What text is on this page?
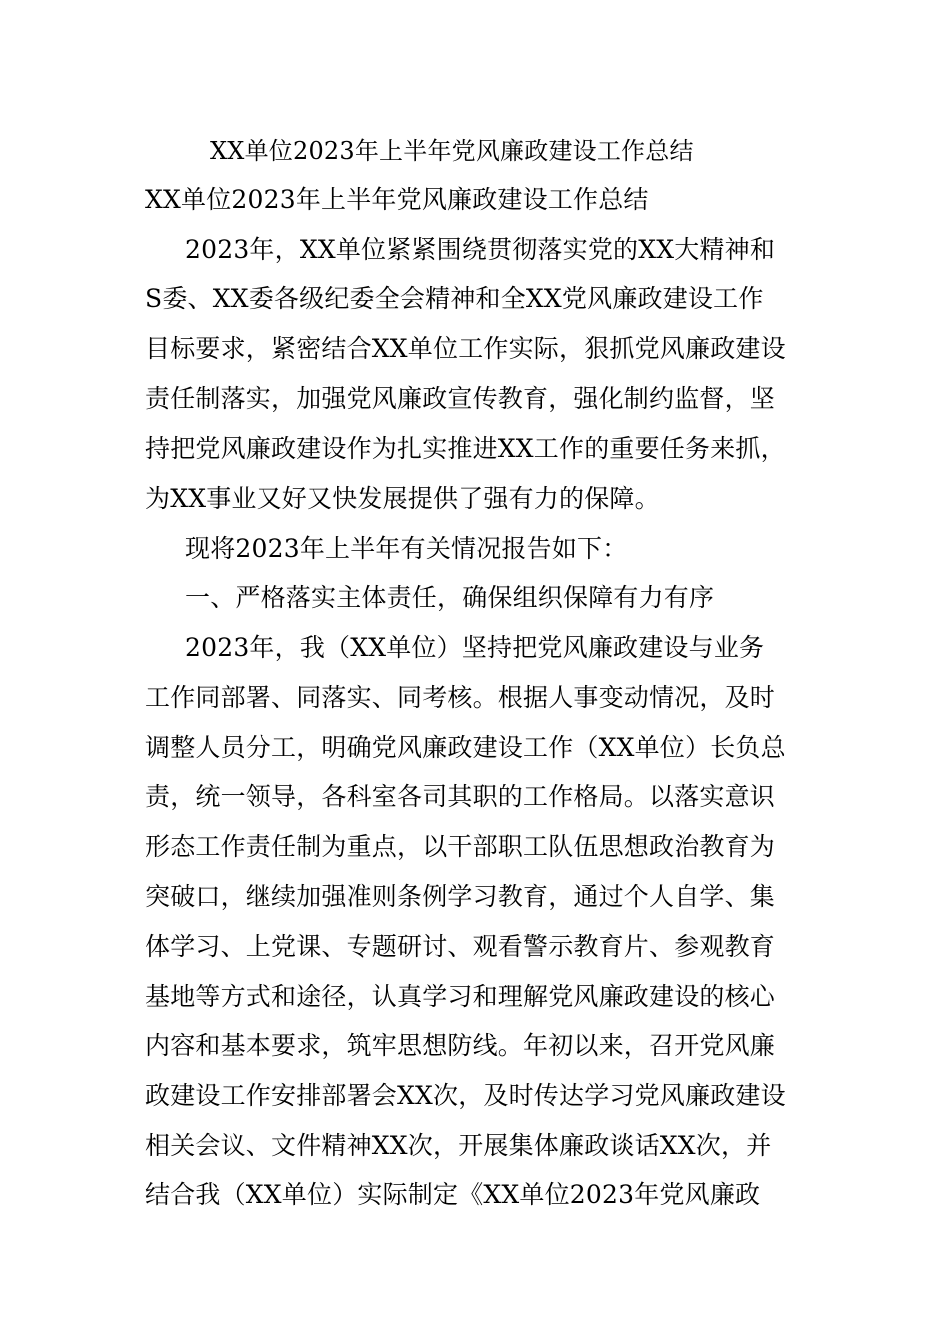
XX单位2023年上半年党风廉政建设工作总结
XX单位2023年上半年党风廉政建设工作总结
2023年，XX单位紧紧围绕贯彻落实党的XX大精神和
S委、XX委各级纪委全会精神和全XX党风廉政建设工作
目标要求，紧密结合XX单位工作实际，狠抓党风廉政建设
责任制落实，加强党风廉政宣传教育，强化制约监督，坚
持把党风廉政建设作为扎实推进XX工作的重要任务来抓，
为XX事业又好又快发展提供了强有力的保障。
现将2023年上半年有关情况报告如下：
一、严格落实主体责任，确保组织保障有力有序
2023年，我（XX单位）坚持把党风廉政建设与业务
工作同部署、同落实、同考核。根据人事变动情况，及时
调整人员分工，明确党风廉政建设工作（XX单位）长负总
责，统一领导，各科室各司其职的工作格局。以落实意识
形态工作责任制为重点，以干部职工队伍思想政治教育为
突破口，继续加强准则条例学习教育，通过个人自学、集
体学习、上党课、专题研讨、观看警示教育片、参观教育
基地等方式和途径，认真学习和理解党风廉政建设的核心
内容和基本要求，筑牢思想防线。年初以来，召开党风廉
政建设工作安排部署会XX次，及时传达学习党风廉政建设
相关会议、文件精神XX次，开展集体廉政谈话XX次，并
结合我（XX单位）实际制定《XX单位2023年党风廉政
